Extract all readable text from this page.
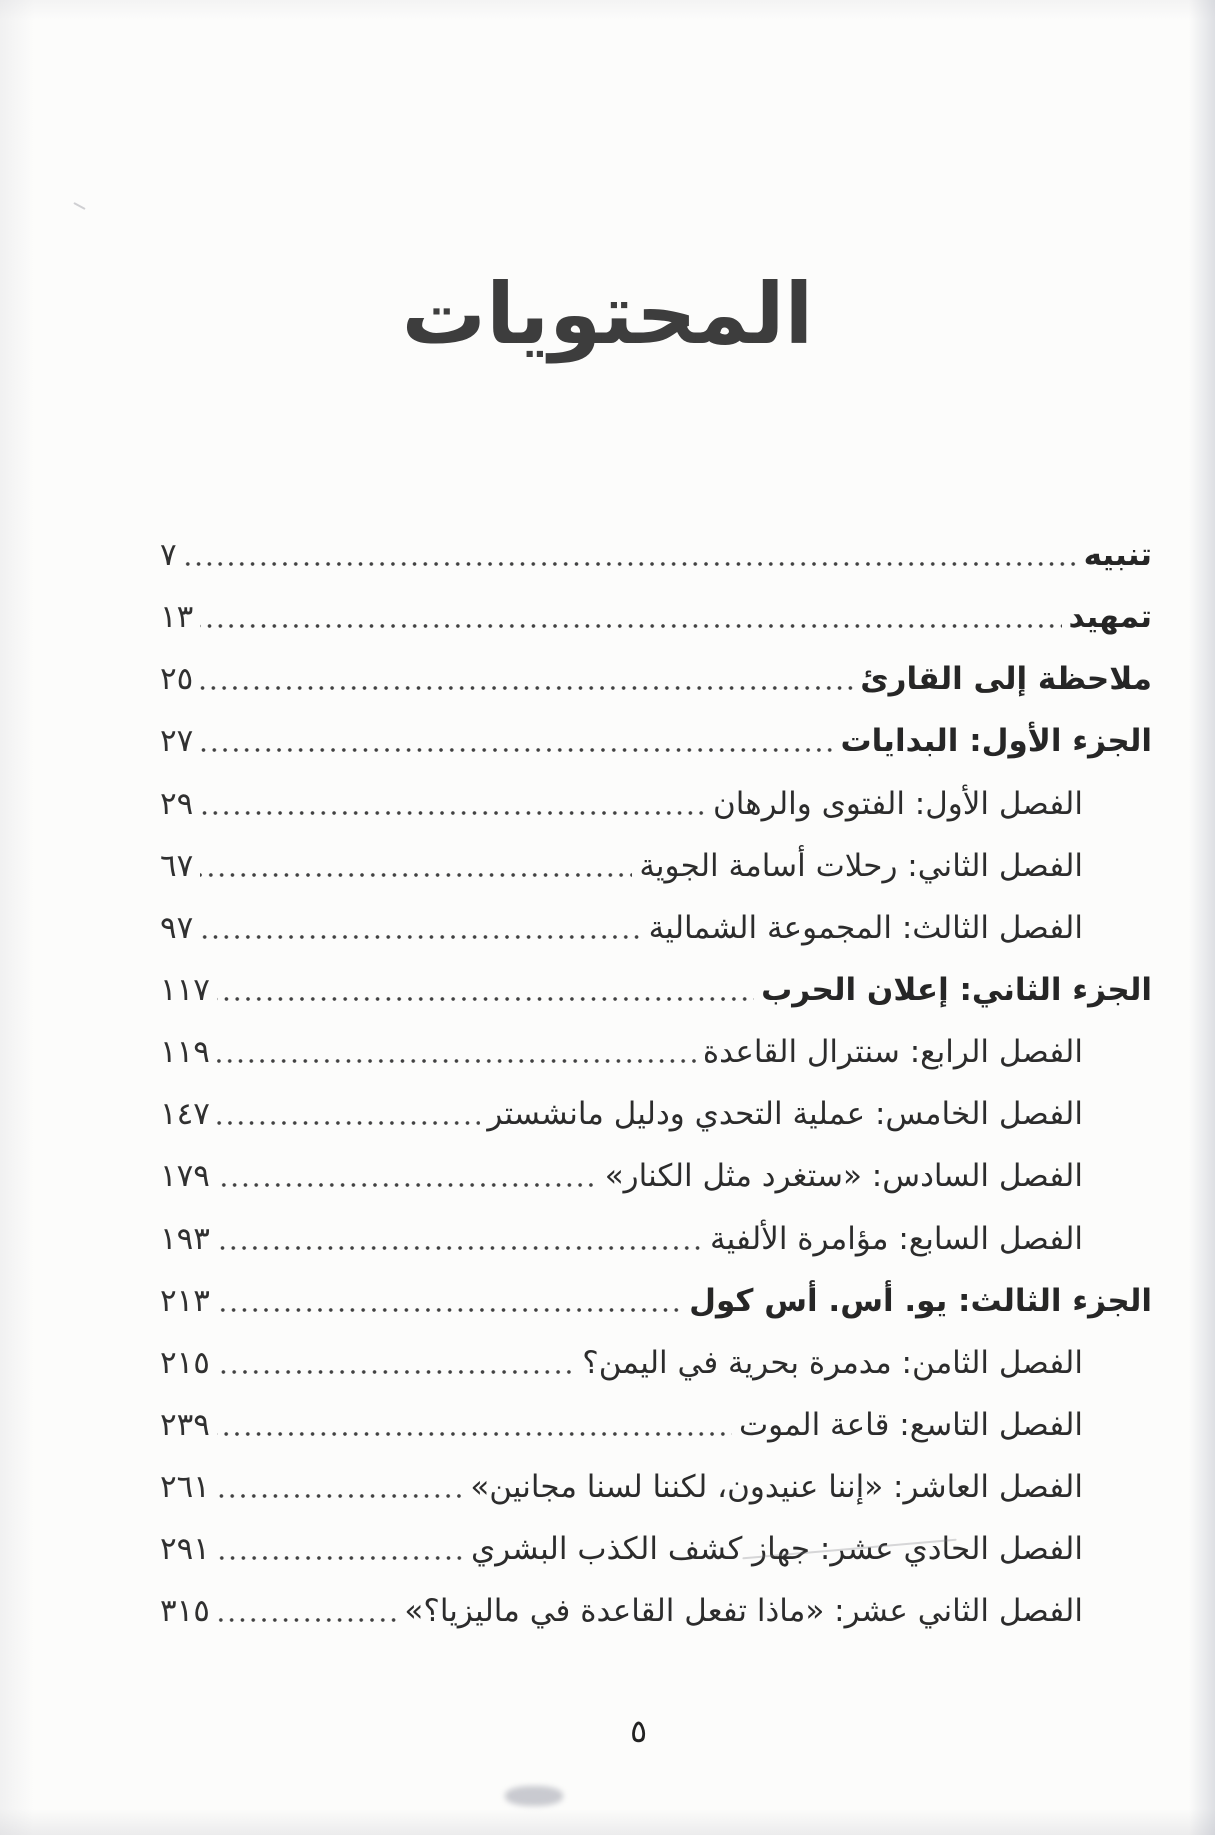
المحتويات
تنبيه
٧
تمهيد
١٣
ملاحظة إلى القارئ
٢٥
الجزء الأول: البدايات
٢٧
الفصل الأول: الفتوى والرهان
٢٩
الفصل الثاني: رحلات أسامة الجوية
٦٧
الفصل الثالث: المجموعة الشمالية
٩٧
الجزء الثاني: إعلان الحرب
١١٧
الفصل الرابع: سنترال القاعدة
١١٩
الفصل الخامس: عملية التحدي ودليل مانشستر
١٤٧
الفصل السادس: «ستغرد مثل الكنار»
١٧٩
الفصل السابع: مؤامرة الألفية
١٩٣
الجزء الثالث: يو. أس. أس كول
٢١٣
الفصل الثامن: مدمرة بحرية في اليمن؟
٢١٥
الفصل التاسع: قاعة الموت
٢٣٩
الفصل العاشر: «إننا عنيدون، لكننا لسنا مجانين»
٢٦١
الفصل الحادي عشر: جهاز كشف الكذب البشري
٢٩١
الفصل الثاني عشر: «ماذا تفعل القاعدة في ماليزيا؟»
٣١٥
٥
